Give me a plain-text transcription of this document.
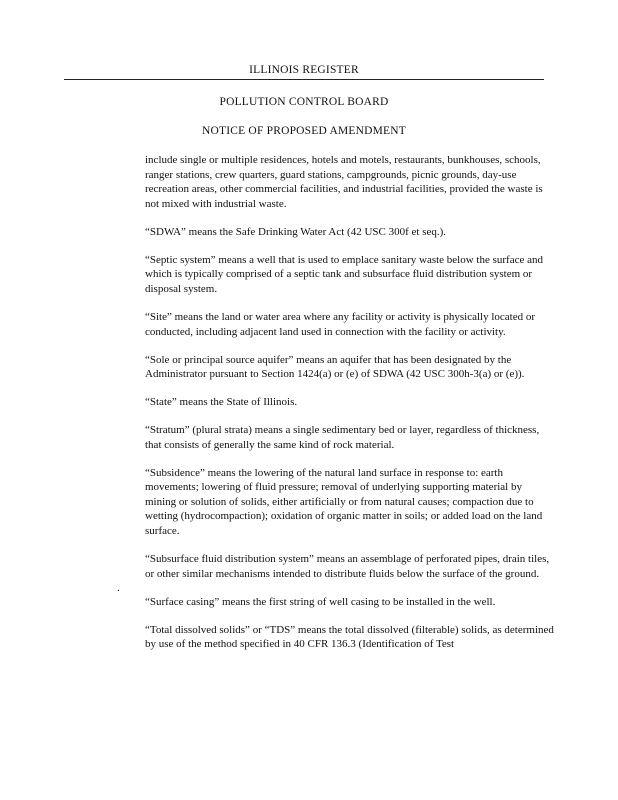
ILLINOIS REGISTER
POLLUTION CONTROL BOARD
NOTICE OF PROPOSED AMENDMENT

include single or multiple residences, hotels and motels, restaurants, bunkhouses, schools, ranger stations, crew quarters, guard stations, campgrounds, picnic grounds, day-use recreation areas, other commercial facilities, and industrial facilities, provided the waste is not mixed with industrial waste.

“SDWA” means the Safe Drinking Water Act (42 USC 300f et seq.).

“Septic system” means a well that is used to emplace sanitary waste below the surface and which is typically comprised of a septic tank and subsurface fluid distribution system or disposal system.

“Site” means the land or water area where any facility or activity is physically located or conducted, including adjacent land used in connection with the facility or activity.

“Sole or principal source aquifer” means an aquifer that has been designated by the Administrator pursuant to Section 1424(a) or (e) of SDWA (42 USC 300h-3(a) or (e)).

“State” means the State of Illinois.

“Stratum” (plural strata) means a single sedimentary bed or layer, regardless of thickness, that consists of generally the same kind of rock material.

“Subsidence” means the lowering of the natural land surface in response to: earth movements; lowering of fluid pressure; removal of underlying supporting material by mining or solution of solids, either artificially or from natural causes; compaction due to wetting (hydrocompaction); oxidation of organic matter in soils; or added load on the land surface.

“Subsurface fluid distribution system” means an assemblage of perforated pipes, drain tiles, or other similar mechanisms intended to distribute fluids below the surface of the ground.

“Surface casing” means the first string of well casing to be installed in the well.

“Total dissolved solids” or “TDS” means the total dissolved (filterable) solids, as determined by use of the method specified in 40 CFR 136.3 (Identification of Test

.
